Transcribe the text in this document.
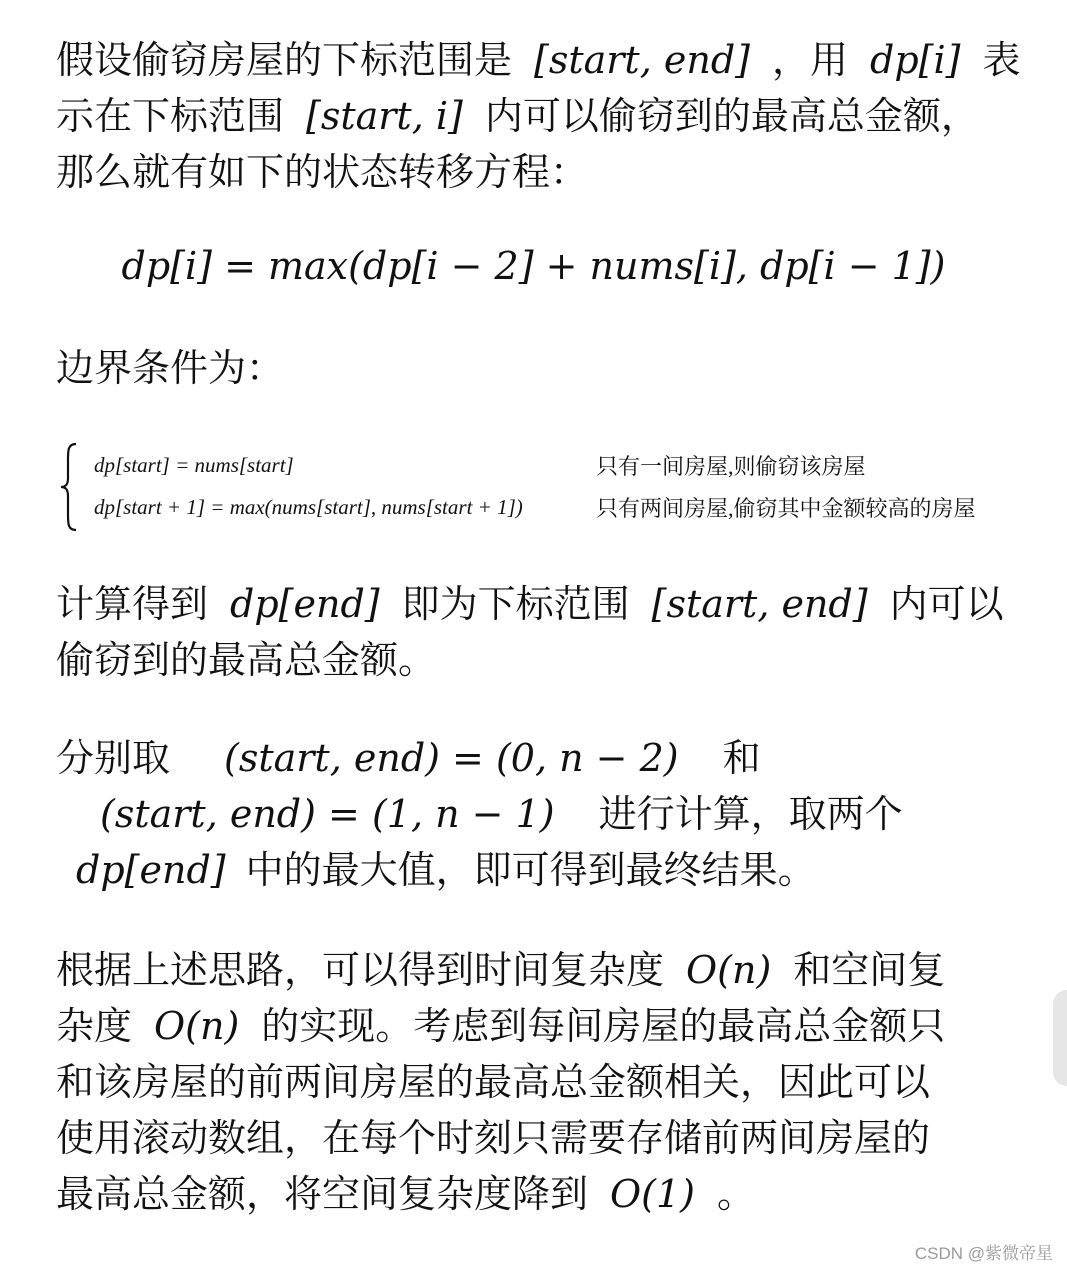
假设偷窃房屋的下标范围是 [start, end] ，用 dp[i] 表
示在下标范围 [start, i] 内可以偷窃到的最高总金额，
那么就有如下的状态转移方程：
dp[i] = max(dp[i − 2] + nums[i], dp[i − 1])
边界条件为：
dp[start] = nums[start]	只有一间房屋,则偷窃该房屋
dp[start + 1] = max(nums[start], nums[start + 1])	只有两间房屋,偷窃其中金额较高的房屋
计算得到 dp[end] 即为下标范围 [start, end] 内可以
偷窃到的最高总金额。
分别取 (start, end) = (0, n − 2) 和
(start, end) = (1, n − 1) 进行计算，取两个
dp[end] 中的最大值，即可得到最终结果。
根据上述思路，可以得到时间复杂度 O(n) 和空间复
杂度 O(n) 的实现。考虑到每间房屋的最高总金额只
和该房屋的前两间房屋的最高总金额相关，因此可以
使用滚动数组，在每个时刻只需要存储前两间房屋的
最高总金额，将空间复杂度降到 O(1) 。
CSDN @紫微帝星
